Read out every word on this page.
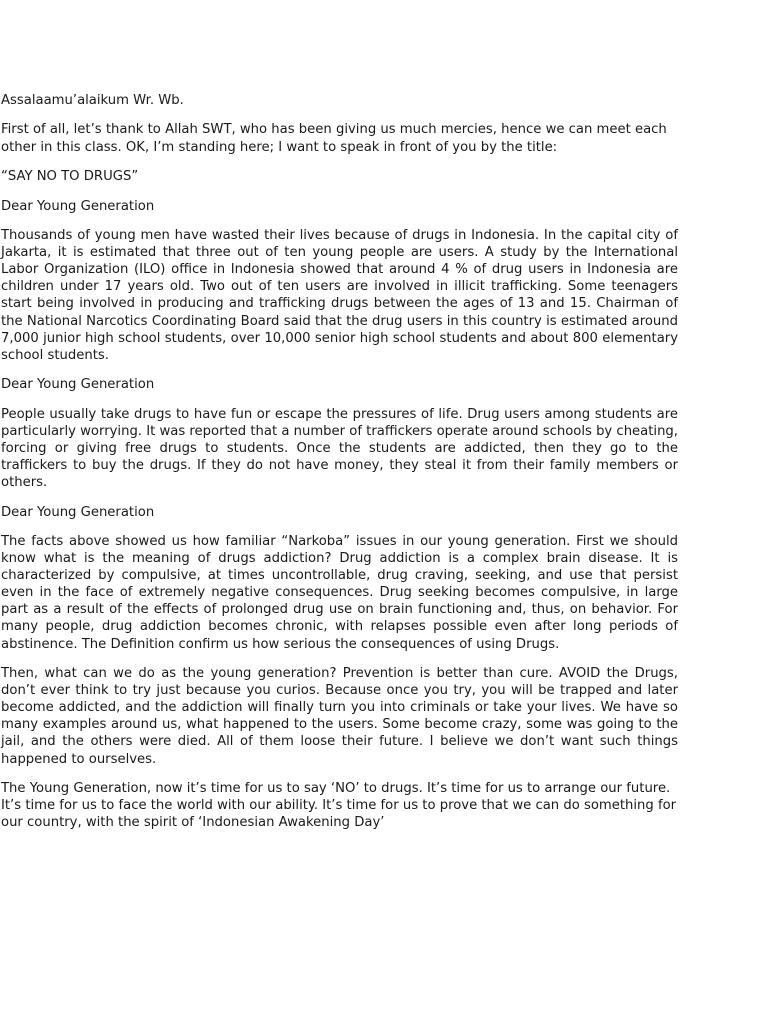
Assalaamu’alaikum Wr. Wb.

First of all, let’s thank to Allah SWT, who has been giving us much mercies, hence we can meet each other in this class. OK, I’m standing here; I want to speak in front of you by the title:

“SAY NO TO DRUGS”

Dear Young Generation

Thousands of young men have wasted their lives because of drugs in Indonesia. In the capital city of Jakarta, it is estimated that three out of ten young people are users. A study by the International Labor Organization (ILO) office in Indonesia showed that around 4 % of drug users in Indonesia are children under 17 years old. Two out of ten users are involved in illicit trafficking. Some teenagers start being involved in producing and trafficking drugs between the ages of 13 and 15. Chairman of the National Narcotics Coordinating Board said that the drug users in this country is estimated around 7,000 junior high school students, over 10,000 senior high school students and about 800 elementary school students.

Dear Young Generation

People usually take drugs to have fun or escape the pressures of life. Drug users among students are particularly worrying. It was reported that a number of traffickers operate around schools by cheating, forcing or giving free drugs to students. Once the students are addicted, then they go to the traffickers to buy the drugs. If they do not have money, they steal it from their family members or others.

Dear Young Generation

The facts above showed us how familiar “Narkoba” issues in our young generation. First we should know what is the meaning of drugs addiction? Drug addiction is a complex brain disease. It is characterized by compulsive, at times uncontrollable, drug craving, seeking, and use that persist even in the face of extremely negative consequences. Drug seeking becomes compulsive, in large part as a result of the effects of prolonged drug use on brain functioning and, thus, on behavior. For many people, drug addiction becomes chronic, with relapses possible even after long periods of abstinence. The Definition confirm us how serious the consequences of using Drugs.

Then, what can we do as the young generation? Prevention is better than cure. AVOID the Drugs, don’t ever think to try just because you curios. Because once you try, you will be trapped and later become addicted, and the addiction will finally turn you into criminals or take your lives. We have so many examples around us, what happened to the users. Some become crazy, some was going to the jail, and the others were died. All of them loose their future. I believe we don’t want such things happened to ourselves.

The Young Generation, now it’s time for us to say ‘NO’ to drugs. It’s time for us to arrange our future. It’s time for us to face the world with our ability. It’s time for us to prove that we can do something for our country, with the spirit of ‘Indonesian Awakening Day’
